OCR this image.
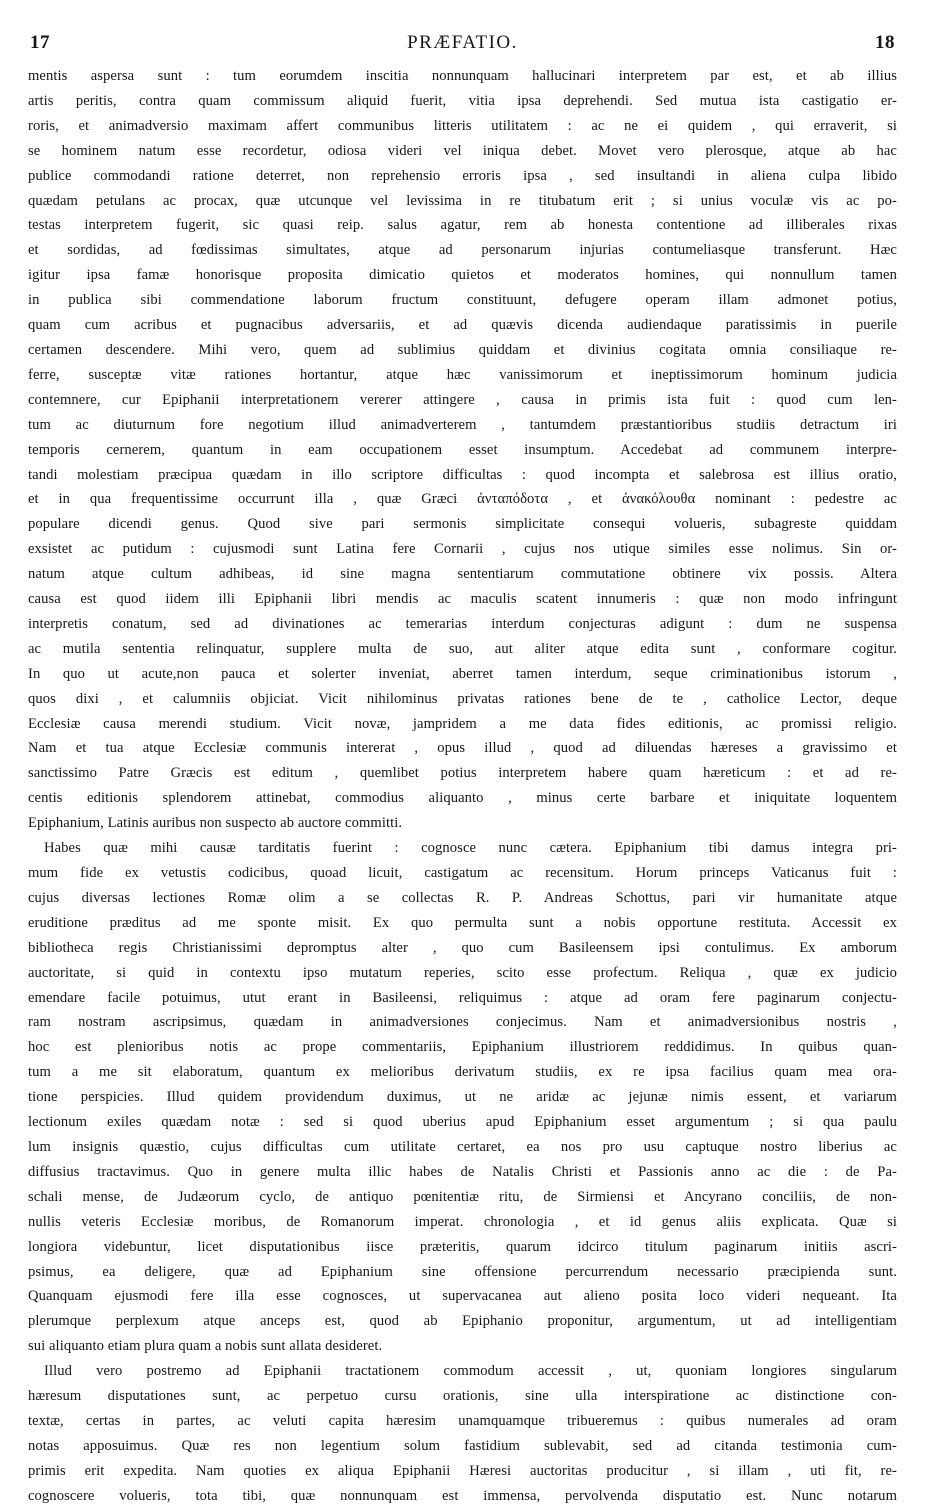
17	PRÆFATIO.	18
mentis aspersa sunt : tum eorumdem inscitia nonnunquam hallucinari interpretem par est, et ab illius
artis peritis, contra quam commissum aliquid fuerit, vitia ipsa deprehendi. Sed mutua ista castigatio er-
roris, et animadversio maximam affert communibus litteris utilitatem : ac ne ei quidem , qui erraverit, si
se hominem natum esse recordetur, odiosa videri vel iniqua debet. Movet vero plerosque, atque ab hac
publice commodandi ratione deterret, non reprehensio erroris ipsa , sed insultandi in aliena culpa libido
quædam petulans ac procax, quæ utcunque vel levissima in re titubatum erit ; si unius voculæ vis ac po-
testas interpretem fugerit, sic quasi reip. salus agatur, rem ab honesta contentione ad illiberales rixas
et sordidas, ad fœdissimas simultates, atque ad personarum injurias contumeliasque transferunt. Hæc
igitur ipsa famæ honorisque proposita dimicatio quietos et moderatos homines, qui nonnullum tamen
in publica sibi commendatione laborum fructum constituunt, defugere operam illam admonet potius,
quam cum acribus et pugnacibus adversariis, et ad quævis dicenda audiendaque paratissimis in puerile
certamen descendere. Mihi vero, quem ad sublimius quiddam et divinius cogitata omnia consiliaque re-
ferre, susceptæ vitæ rationes hortantur, atque hæc vanissimorum et ineptissimorum hominum judicia
contemnere, cur Epiphanii interpretationem vererer attingere , causa in primis ista fuit : quod cum len-
tum ac diuturnum fore negotium illud animadverterem , tantumdem præstantioribus studiis detractum iri
temporis cernerem, quantum in eam occupationem esset insumptum. Accedebat ad communem interpre-
tandi molestiam præcipua quædam in illo scriptore difficultas : quod incompta et salebrosa est illius oratio,
et in qua frequentissime occurrunt illa , quæ Græci ἀνταπόδοτα , et ἀνακόλουθα nominant : pedestre ac
populare dicendi genus. Quod sive pari sermonis simplicitate consequi volueris, subagreste quiddam
exsistet ac putidum : cujusmodi sunt Latina fere Cornarii , cujus nos utique similes esse nolimus. Sin or-
natum atque cultum adhibeas, id sine magna sententiarum commutatione obtinere vix possis. Altera
causa est quod iidem illi Epiphanii libri mendis ac maculis scatent innumeris : quæ non modo infringunt
interpretis conatum, sed ad divinationes ac temerarias interdum conjecturas adigunt : dum ne suspensa
ac mutila sententia relinquatur, supplere multa de suo, aut aliter atque edita sunt , conformare cogitur.
In quo ut acute,non pauca et solerter inveniat, aberret tamen interdum, seque criminationibus istorum ,
quos dixi , et calumniis objiciat. Vicit nihilominus privatas rationes bene de te , catholice Lector, deque
Ecclesiæ causa merendi studium. Vicit novæ, jampridem a me data fides editionis, ac promissi religio.
Nam et tua atque Ecclesiæ communis intererat , opus illud , quod ad diluendas hæreses a gravissimo et
sanctissimo Patre Græcis est editum , quemlibet potius interpretem habere quam hæreticum : et ad re-
centis editionis splendorem attinebat, commodius aliquanto , minus certe barbare et iniquitate loquentem
Epiphanium, Latinis auribus non suspecto ab auctore committi.
Habes quæ mihi causæ tarditatis fuerint : cognosce nunc cætera. Epiphanium tibi damus integra pri-
mum fide ex vetustis codicibus, quoad licuit, castigatum ac recensitum. Horum princeps Vaticanus fuit :
cujus diversas lectiones Romæ olim a se collectas R. P. Andreas Schottus, pari vir humanitate atque
eruditione præditus ad me sponte misit. Ex quo permulta sunt a nobis opportune restituta. Accessit ex
bibliotheca regis Christianissimi depromptus alter , quo cum Basileensem ipsi contulimus. Ex amborum
auctoritate, si quid in contextu ipso mutatum reperies, scito esse profectum. Reliqua , quæ ex judicio
emendare facile potuimus, utut erant in Basileensi, reliquimus : atque ad oram fere paginarum conjectu-
ram nostram ascripsimus, quædam in animadversiones conjecimus. Nam et animadversionibus nostris ,
hoc est plenioribus notis ac prope commentariis, Epiphanium illustriorem reddidimus. In quibus quan-
tum a me sit elaboratum, quantum ex melioribus derivatum studiis, ex re ipsa facilius quam mea ora-
tione perspicies. Illud quidem providendum duximus, ut ne aridæ ac jejunæ nimis essent, et variarum
lectionum exiles quædam notæ : sed si quod uberius apud Epiphanium esset argumentum ; si qua paulu
lum insignis quæstio, cujus difficultas cum utilitate certaret, ea nos pro usu captuque nostro liberius ac
diffusius tractavimus. Quo in genere multa illic habes de Natalis Christi et Passionis anno ac die : de Pa-
schali mense, de Judæorum cyclo, de antiquo pœnitentiæ ritu, de Sirmiensi et Ancyrano conciliis, de non-
nullis veteris Ecclesiæ moribus, de Romanorum imperat. chronologia , et id genus aliis explicata. Quæ si
longiora videbuntur, licet disputationibus iisce præteritis, quarum idcirco titulum paginarum initiis ascri-
psimus, ea deligere, quæ ad Epiphanium sine offensione percurrendum necessario præcipienda sunt.
Quanquam ejusmodi fere illa esse cognosces, ut supervacanea aut alieno posita loco videri nequeant. Ita
plerumque perplexum atque anceps est, quod ab Epiphanio proponitur, argumentum, ut ad intelligentiam
sui aliquanto etiam plura quam a nobis sunt allata desideret.
Illud vero postremo ad Epiphanii tractationem commodum accessit , ut, quoniam longiores singularum
hæresum disputationes sunt, ac perpetuo cursu orationis, sine ulla interspiratione ac distinctione con-
textæ, certas in partes, ac veluti capita hæresim unamquamque tribueremus : quibus numerales ad oram
notas apposuimus. Quæ res non legentium solum fastidium sublevabit, sed ad citanda testimonia cum-
primis erit expedita. Nam quoties ex aliqua Epiphanii Hæresi auctoritas producitur , si illam , uti fit, re-
cognoscere volueris, tota tibi, quæ nonnunquam est immensa, pervolvenda disputatio est. Nunc notarum
